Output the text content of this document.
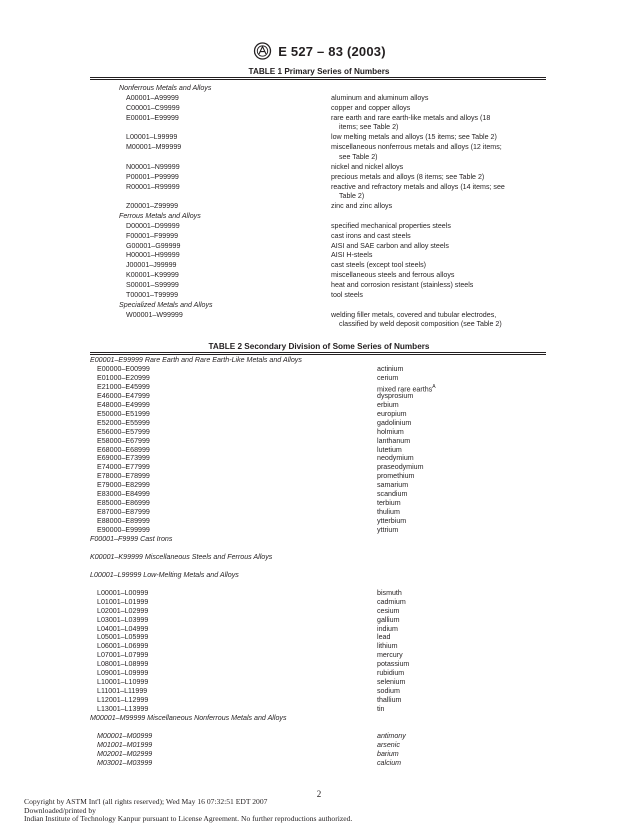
E 527 – 83 (2003)
TABLE 1 Primary Series of Numbers
Nonferrous Metals and Alloys
A00001–A99999	aluminum and aluminum alloys
C00001–C99999	copper and copper alloys
E00001–E99999	rare earth and rare earth-like metals and alloys (18
items; see Table 2)
L00001–L99999	low melting metals and alloys (15 items; see Table 2)
M00001–M99999	miscellaneous nonferrous metals and alloys (12 items;
see Table 2)
N00001–N99999	nickel and nickel alloys
P00001–P99999	precious metals and alloys (8 items; see Table 2)
R00001–R99999	reactive and refractory metals and alloys (14 items; see
Table 2)
Z00001–Z99999	zinc and zinc alloys
Ferrous Metals and Alloys
D00001–D99999	specified mechanical properties steels
F00001–F99999	cast irons and cast steels
G00001–G99999	AISI and SAE carbon and alloy steels
H00001–H99999	AISI H-steels
J00001–J99999	cast steels (except tool steels)
K00001–K99999	miscellaneous steels and ferrous alloys
S00001–S99999	heat and corrosion resistant (stainless) steels
T00001–T99999	tool steels
Specialized Metals and Alloys
W00001–W99999	welding filler metals, covered and tubular electrodes,
classified by weld deposit composition (see Table 2)
TABLE 2 Secondary Division of Some Series of Numbers
E00001–E99999 Rare Earth and Rare Earth-Like Metals and Alloys
E00000–E00999	actinium
E01000–E20999	cerium
E21000–E45999	mixed rare earths$^A$
E46000–E47999	dysprosium
E48000–E49999	erbium
E50000–E51999	europium
E52000–E55999	gadolinium
E56000–E57999	holmium
E58000–E67999	lanthanum
E68000–E68999	lutetium
E69000–E73999	neodymium
E74000–E77999	praseodymium
E78000–E78999	promethium
E79000–E82999	samarium
E83000–E84999	scandium
E85000–E86999	terbium
E87000–E87999	thulium
E88000–E89999	ytterbium
E90000–E99999	yttrium
F00001–F9999 Cast Irons
K00001–K99999 Miscellaneous Steels and Ferrous Alloys
L00001–L99999 Low-Melting Metals and Alloys
L00001–L00999	bismuth
L01001–L01999	cadmium
L02001–L02999	cesium
L03001–L03999	gallium
L04001–L04999	indium
L05001–L05999	lead
L06001–L06999	lithium
L07001–L07999	mercury
L08001–L08999	potassium
L09001–L09999	rubidium
L10001–L10999	selenium
L11001–L11999	sodium
L12001–L12999	thallium
L13001–L13999	tin
M00001–M99999 Miscellaneous Nonferrous Metals and Alloys
M00001–M00999	antimony
M01001–M01999	arsenic
M02001–M02999	barium
M03001–M03999	calcium
2
Copyright by ASTM Int'l (all rights reserved); Wed May 16 07:32:51 EDT 2007
Downloaded/printed by
Indian Institute of Technology Kanpur pursuant to License Agreement. No further reproductions authorized.
